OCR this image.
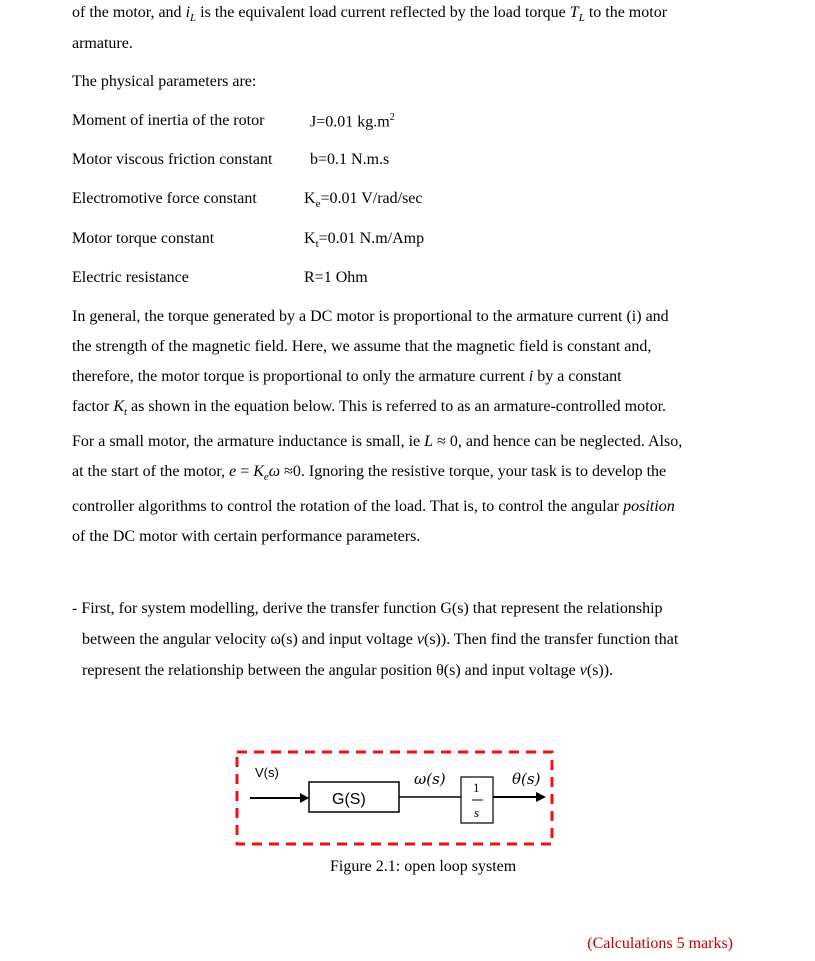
of the motor, and $i_L$ is the equivalent load current reflected by the load torque $T_L$ to the motor
armature.
The physical parameters are:
Moment of inertia of the rotor	J=0.01 $kg.m^2$
Motor viscous friction constant b=0.1 N.m.s
Electromotive force constant	$K_e=0.01$ V/rad/sec
Motor torque constant	$K_t=0.01$ N.m/Amp
Electric resistance	R=1 Ohm
In general, the torque generated by a DC motor is proportional to the armature current (i) and
the strength of the magnetic field. Here, we assume that the magnetic field is constant and,
therefore, the motor torque is proportional to only the armature current i by a constant
factor $K_t$ as shown in the equation below. This is referred to as an armature-controlled motor.
For a small motor, the armature inductance is small, ie L ≈ 0, and hence can be neglected. Also,
at the start of the motor, $e = K_e\omega \approx 0$. Ignoring the resistive torque, your task is to develop the
controller algorithms to control the rotation of the load. That is, to control the angular position
of the DC motor with certain performance parameters.
- First, for system modelling, derive the transfer function G(s) that represent the relationship
between the angular velocity ω(s) and input voltage v(s)). Then find the transfer function that
represent the relationship between the angular position θ(s) and input voltage v(s)).
V(s)
G(S)
ω(s) 1
s
θ(s)
Figure 2.1: open loop system
(Calculations 5 marks)
